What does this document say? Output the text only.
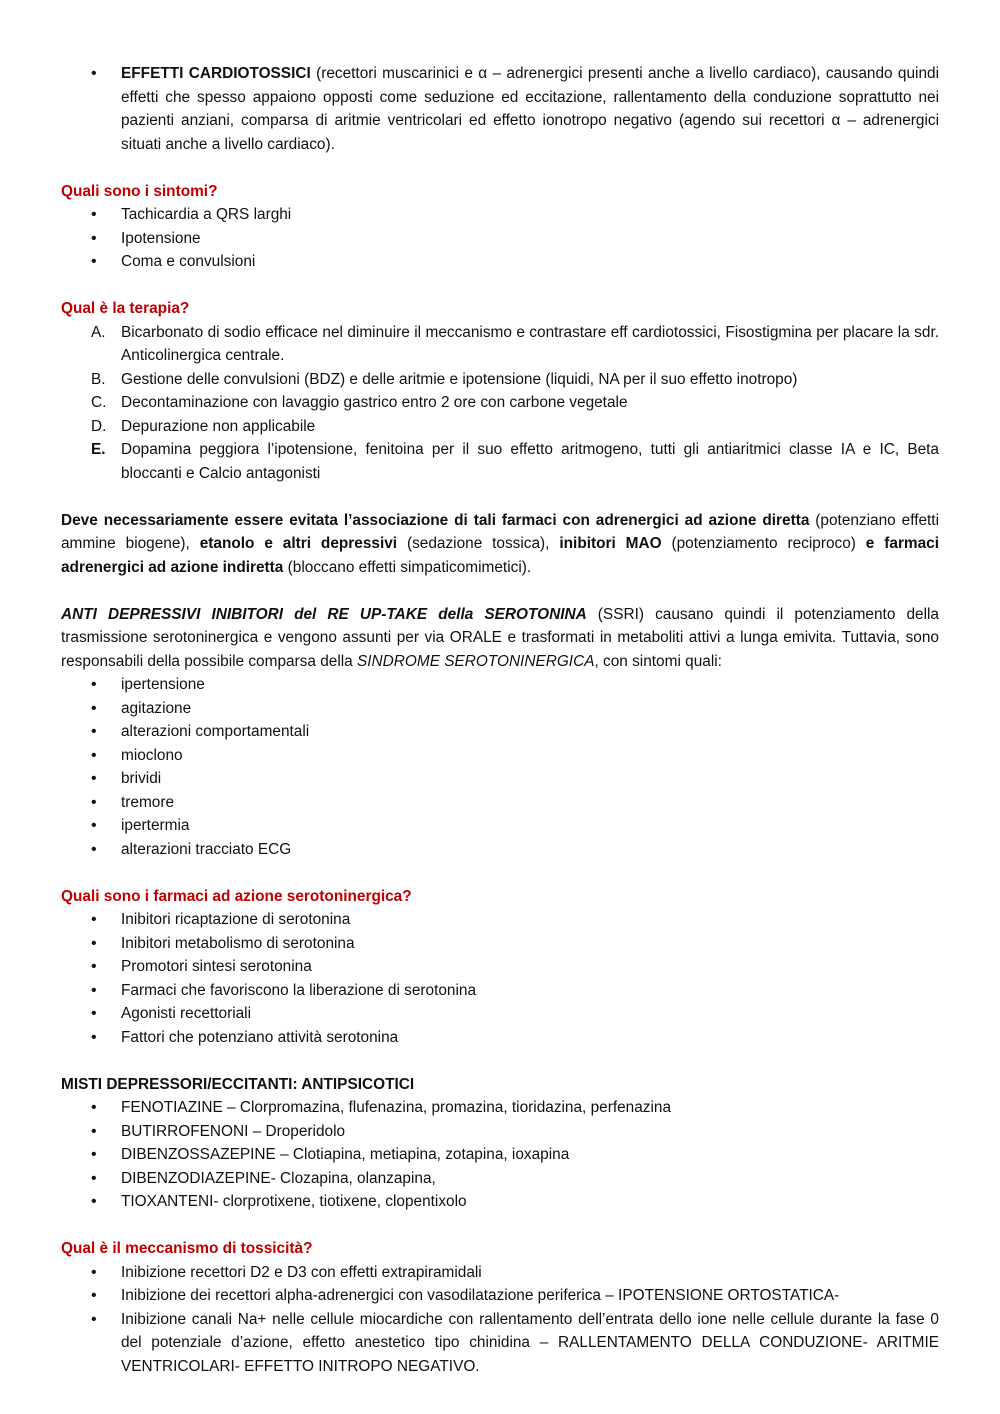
• EFFETTI CARDIOTOSSICI (recettori muscarinici e α – adrenergici presenti anche a livello cardiaco), causando quindi effetti che spesso appaiono opposti come seduzione ed eccitazione, rallentamento della conduzione soprattutto nei pazienti anziani, comparsa di aritmie ventricolari ed effetto ionotropo negativo (agendo sui recettori α – adrenergici situati anche a livello cardiaco).

Quali sono i sintomi?

• Tachicardia a QRS larghi
• Ipotensione
• Coma e convulsioni

Qual è la terapia?

A. Bicarbonato di sodio efficace nel diminuire il meccanismo e contrastare eff cardiotossici, Fisostigmina per placare la sdr. Anticolinergica centrale.
B. Gestione delle convulsioni (BDZ) e delle aritmie e ipotensione (liquidi, NA per il suo effetto inotropo)
C. Decontaminazione con lavaggio gastrico entro 2 ore con carbone vegetale
D. Depurazione non applicabile
E. Dopamina peggiora l’ipotensione, fenitoina per il suo effetto aritmogeno, tutti gli antiaritmici classe IA e IC, Beta bloccanti e Calcio antagonisti

Deve necessariamente essere evitata l’associazione di tali farmaci con adrenergici ad azione diretta (potenziano effetti ammine biogene), etanolo e altri depressivi (sedazione tossica), inibitori MAO (potenziamento reciproco) e farmaci adrenergici ad azione indiretta (bloccano effetti simpaticomimetici).

ANTI DEPRESSIVI INIBITORI del RE UP-TAKE della SEROTONINA (SSRI) causano quindi il potenziamento della trasmissione serotoninergica e vengono assunti per via ORALE e trasformati in metaboliti attivi a lunga emivita. Tuttavia, sono responsabili della possibile comparsa della SINDROME SEROTONINERGICA, con sintomi quali:

• ipertensione
• agitazione
• alterazioni comportamentali
• mioclono
• brividi
• tremore
• ipertermia
• alterazioni tracciato ECG

Quali sono i farmaci ad azione serotoninergica?

• Inibitori ricaptazione di serotonina
• Inibitori metabolismo di serotonina
• Promotori sintesi serotonina
• Farmaci che favoriscono la liberazione di serotonina
• Agonisti recettoriali
• Fattori che potenziano attività serotonina

MISTI DEPRESSORI/ECCITANTI: ANTIPSICOTICI

• FENOTIAZINE – Clorpromazina, flufenazina, promazina, tioridazina, perfenazina
• BUTIRROFENONI – Droperidolo
• DIBENZOSSAZEPINE – Clotiapina, metiapina, zotapina, ioxapina
• DIBENZODIAZEPINE- Clozapina, olanzapina,
• TIOXANTENI- clorprotixene, tiotixene, clopentixolo

Qual è il meccanismo di tossicità?

• Inibizione recettori D2 e D3 con effetti extrapiramidali
• Inibizione dei recettori alpha-adrenergici con vasodilatazione periferica – IPOTENSIONE ORTOSTATICA-
• Inibizione canali Na+ nelle cellule miocardiche con rallentamento dell’entrata dello ione nelle cellule durante la fase 0 del potenziale d’azione, effetto anestetico tipo chinidina – RALLENTAMENTO DELLA CONDUZIONE- ARITMIE VENTRICOLARI- EFFETTO INITROPO NEGATIVO.
